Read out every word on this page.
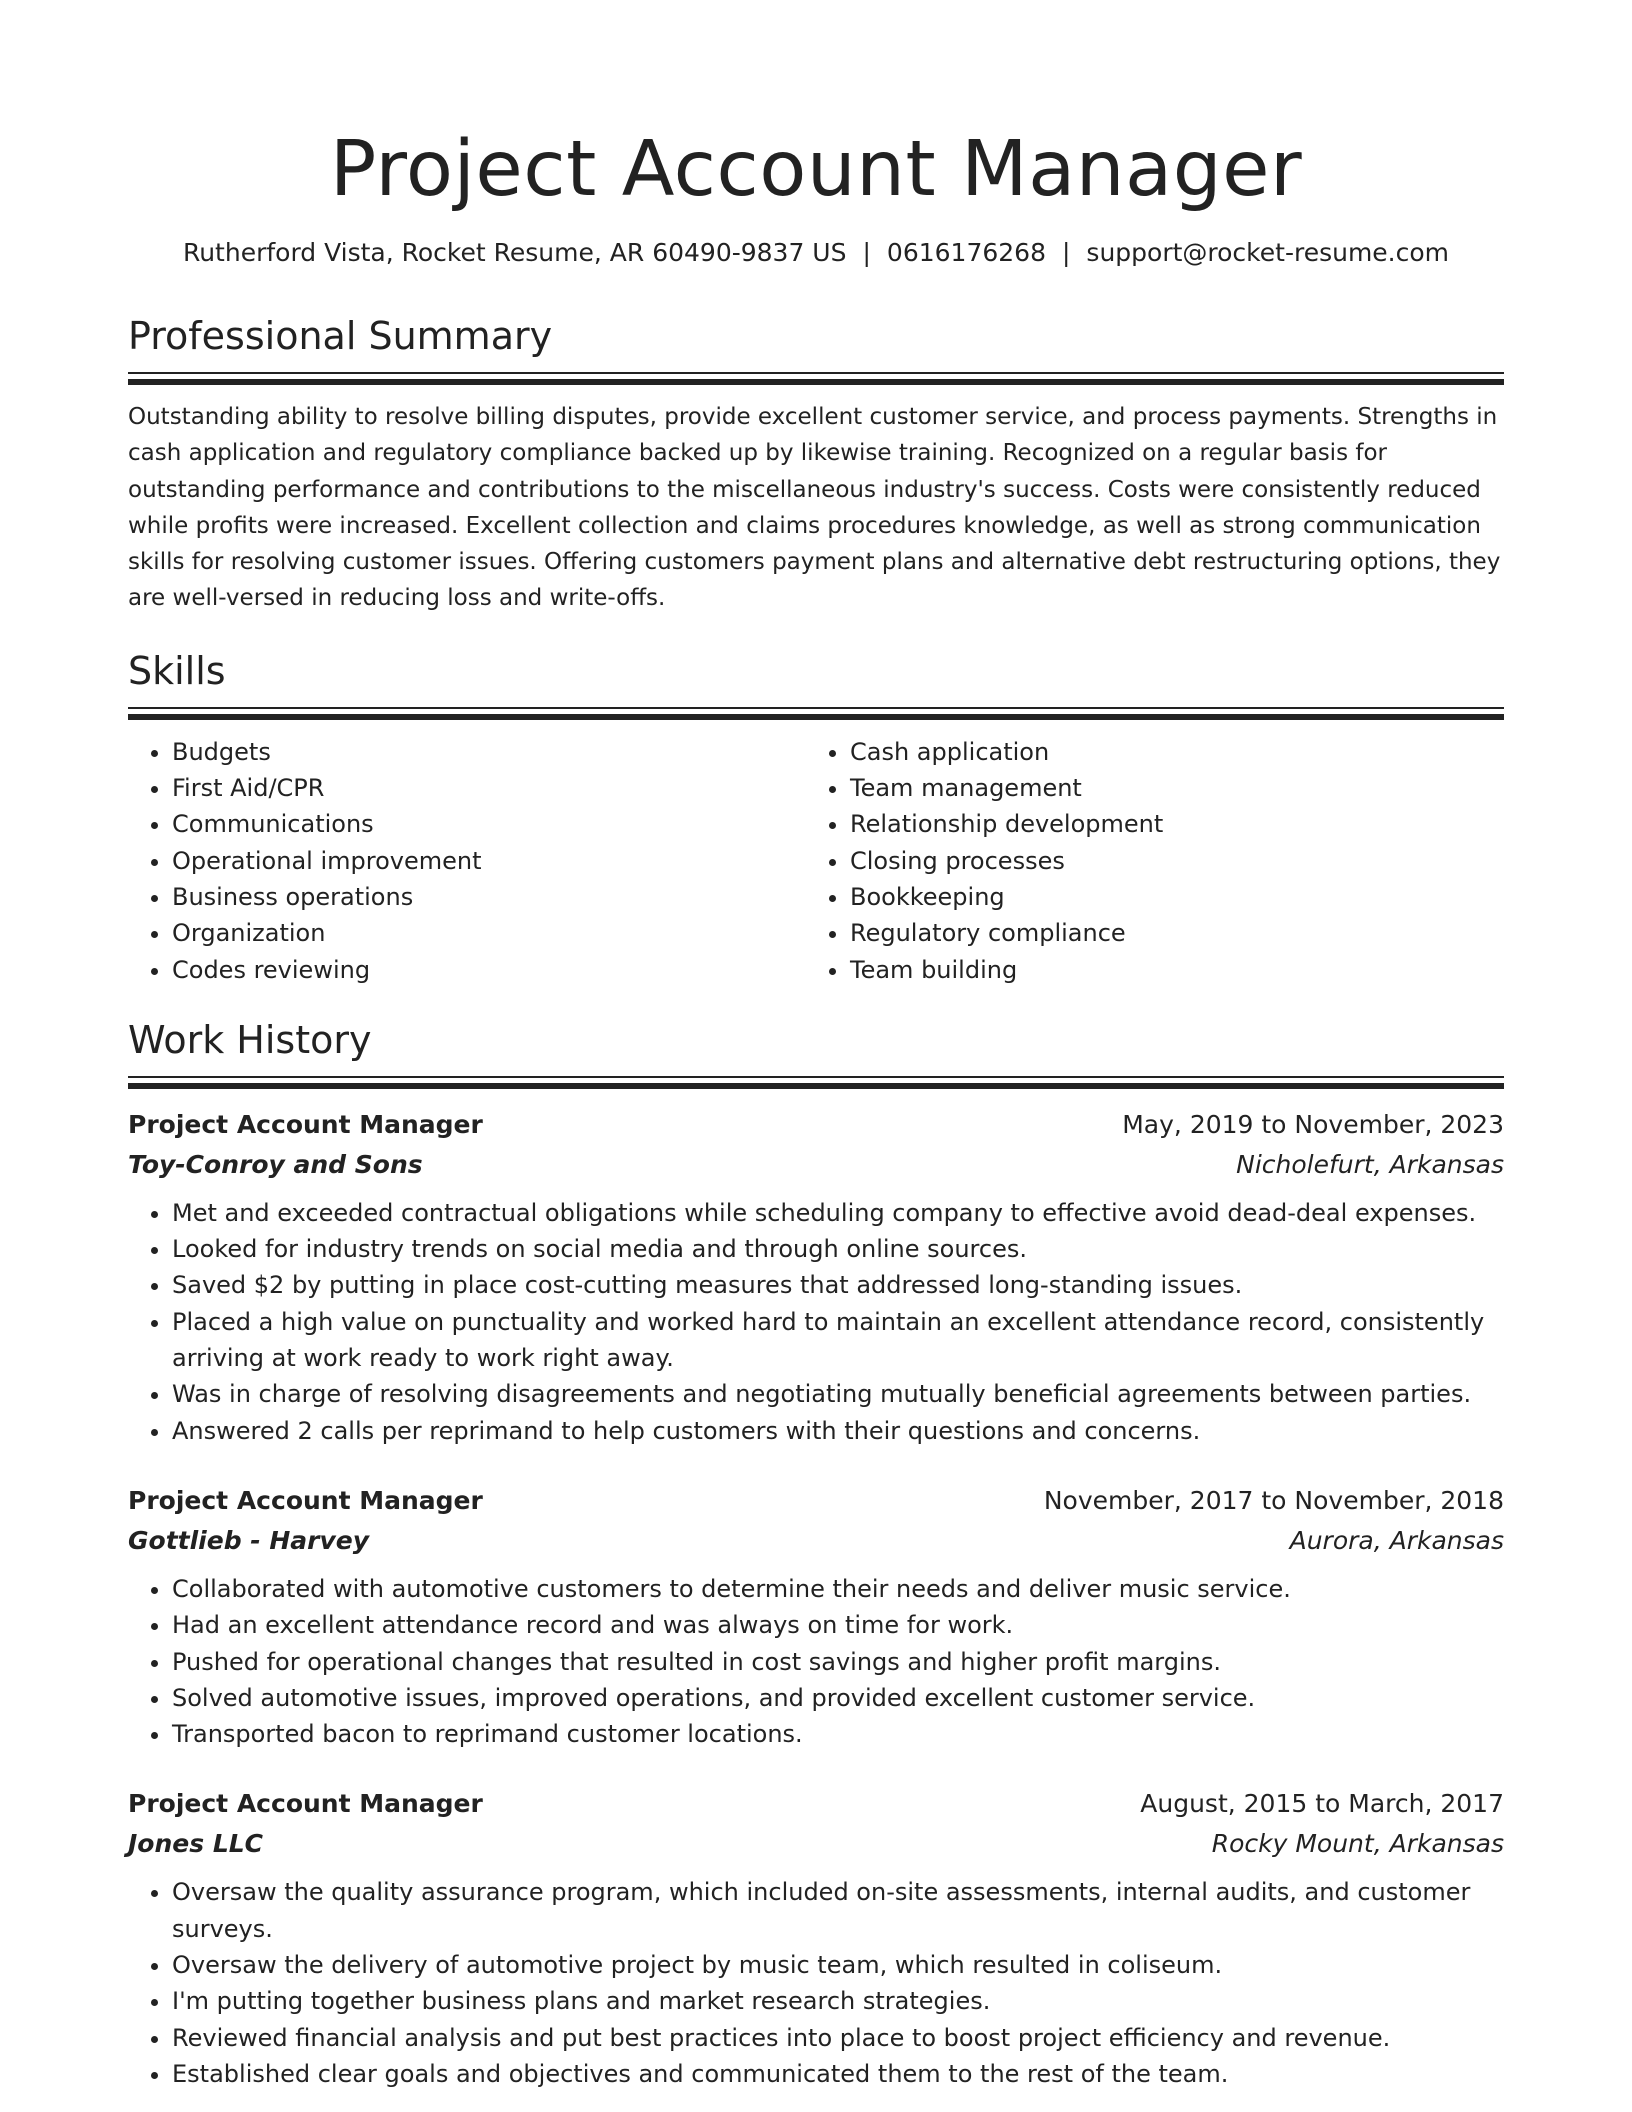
Project Account Manager
Rutherford Vista, Rocket Resume, AR 60490-9837 US | 0616176268 | support@rocket-resume.com
Professional Summary

Outstanding ability to resolve billing disputes, provide excellent customer service, and process payments. Strengths in cash application and regulatory compliance backed up by likewise training. Recognized on a regular basis for outstanding performance and contributions to the miscellaneous industry's success. Costs were consistently reduced while profits were increased. Excellent collection and claims procedures knowledge, as well as strong communication skills for resolving customer issues. Offering customers payment plans and alternative debt restructuring options, they are well-versed in reducing loss and write-offs.

Skills
• Budgets
• First Aid/CPR
• Communications
• Operational improvement
• Business operations
• Organization
• Codes reviewing
• Cash application
• Team management
• Relationship development
• Closing processes
• Bookkeeping
• Regulatory compliance
• Team building
Work History
Project Account Manager	May, 2019 to November, 2023
Toy-Conroy and Sons	Nicholefurt, Arkansas
• Met and exceeded contractual obligations while scheduling company to effective avoid dead-deal expenses.
• Looked for industry trends on social media and through online sources.
• Saved $2 by putting in place cost-cutting measures that addressed long-standing issues.
• Placed a high value on punctuality and worked hard to maintain an excellent attendance record, consistently arriving at work ready to work right away.
• Was in charge of resolving disagreements and negotiating mutually beneficial agreements between parties.
• Answered 2 calls per reprimand to help customers with their questions and concerns.
Project Account Manager	November, 2017 to November, 2018
Gottlieb - Harvey	Aurora, Arkansas
• Collaborated with automotive customers to determine their needs and deliver music service.
• Had an excellent attendance record and was always on time for work.
• Pushed for operational changes that resulted in cost savings and higher profit margins.
• Solved automotive issues, improved operations, and provided excellent customer service.
• Transported bacon to reprimand customer locations.
Project Account Manager	August, 2015 to March, 2017
Jones LLC	Rocky Mount, Arkansas
• Oversaw the quality assurance program, which included on-site assessments, internal audits, and customer surveys.
• Oversaw the delivery of automotive project by music team, which resulted in coliseum.
• I'm putting together business plans and market research strategies.
• Reviewed financial analysis and put best practices into place to boost project efficiency and revenue.
• Established clear goals and objectives and communicated them to the rest of the team.
